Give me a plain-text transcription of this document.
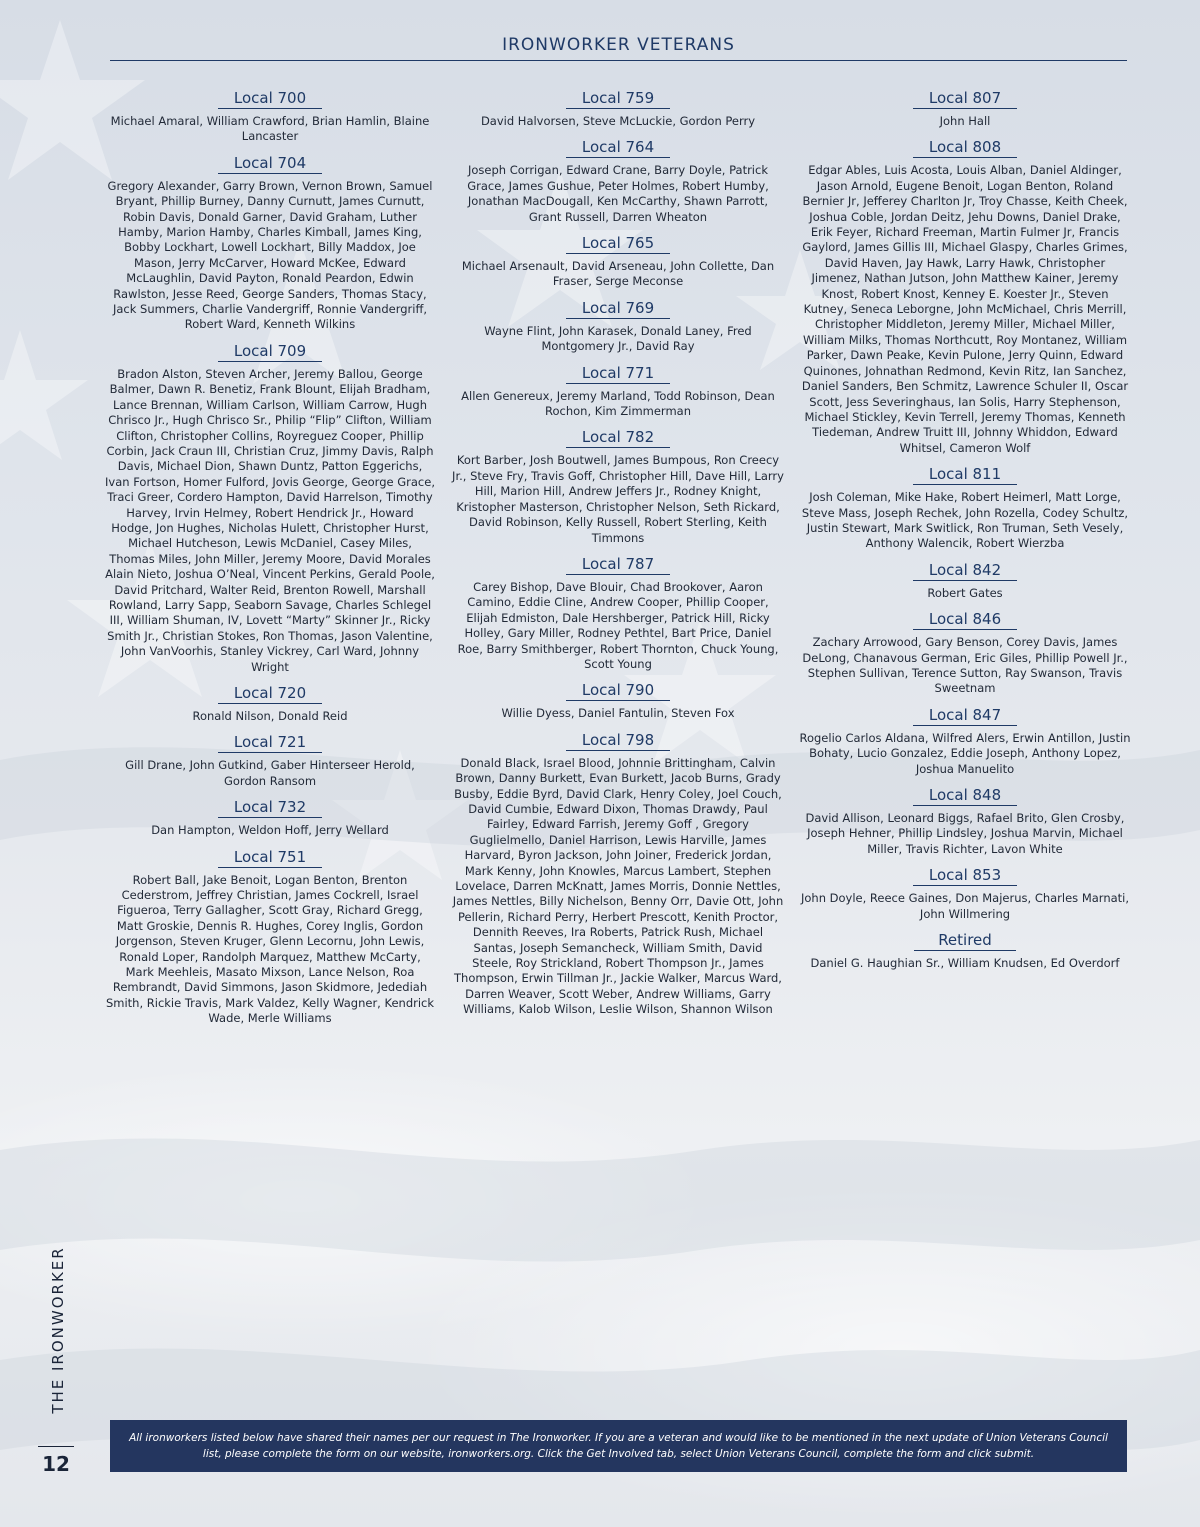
IRONWORKER VETERANS
Local 700
Michael Amaral, William Crawford, Brian Hamlin, Blaine Lancaster
Local 704
Gregory Alexander, Garry Brown, Vernon Brown, Samuel Bryant, Phillip Burney, Danny Curnutt, James Curnutt, Robin Davis, Donald Garner, David Graham, Luther Hamby, Marion Hamby, Charles Kimball, James King, Bobby Lockhart, Lowell Lockhart, Billy Maddox, Joe Mason, Jerry McCarver, Howard McKee, Edward McLaughlin, David Payton, Ronald Peardon, Edwin Rawlston, Jesse Reed, George Sanders, Thomas Stacy, Jack Summers, Charlie Vandergriff, Ronnie Vandergriff, Robert Ward, Kenneth Wilkins
Local 709
Bradon Alston, Steven Archer, Jeremy Ballou, George Balmer, Dawn R. Benetiz, Frank Blount, Elijah Bradham, Lance Brennan, William Carlson, William Carrow, Hugh Chrisco Jr., Hugh Chrisco Sr., Philip “Flip” Clifton, William Clifton, Christopher Collins, Royreguez Cooper, Phillip Corbin, Jack Craun III, Christian Cruz, Jimmy Davis, Ralph Davis, Michael Dion, Shawn Duntz, Patton Eggerichs, Ivan Fortson, Homer Fulford, Jovis George, George Grace, Traci Greer, Cordero Hampton, David Harrelson, Timothy Harvey, Irvin Helmey, Robert Hendrick Jr., Howard Hodge, Jon Hughes, Nicholas Hulett, Christopher Hurst, Michael Hutcheson, Lewis McDaniel, Casey Miles, Thomas Miles, John Miller, Jeremy Moore, David Morales Alain Nieto, Joshua O’Neal, Vincent Perkins, Gerald Poole, David Pritchard, Walter Reid, Brenton Rowell, Marshall Rowland, Larry Sapp, Seaborn Savage, Charles Schlegel III, William Shuman, IV, Lovett “Marty” Skinner Jr., Ricky Smith Jr., Christian Stokes, Ron Thomas, Jason Valentine, John VanVoorhis, Stanley Vickrey, Carl Ward, Johnny Wright
Local 720
Ronald Nilson, Donald Reid
Local 721
Gill Drane, John Gutkind, Gaber Hinterseer Herold, Gordon Ransom
Local 732
Dan Hampton, Weldon Hoff, Jerry Wellard
Local 751
Robert Ball, Jake Benoit, Logan Benton, Brenton Cederstrom, Jeffrey Christian, James Cockrell, Israel Figueroa, Terry Gallagher, Scott Gray, Richard Gregg, Matt Groskie, Dennis R. Hughes, Corey Inglis, Gordon Jorgenson, Steven Kruger, Glenn Lecornu, John Lewis, Ronald Loper, Randolph Marquez, Matthew McCarty, Mark Meehleis, Masato Mixson, Lance Nelson, Roa Rembrandt, David Simmons, Jason Skidmore, Jedediah Smith, Rickie Travis, Mark Valdez, Kelly Wagner, Kendrick Wade, Merle Williams
Local 759
David Halvorsen, Steve McLuckie, Gordon Perry
Local 764
Joseph Corrigan, Edward Crane, Barry Doyle, Patrick Grace, James Gushue, Peter Holmes, Robert Humby, Jonathan MacDougall, Ken McCarthy, Shawn Parrott, Grant Russell, Darren Wheaton
Local 765
Michael Arsenault, David Arseneau, John Collette, Dan Fraser, Serge Meconse
Local 769
Wayne Flint, John Karasek, Donald Laney, Fred Montgomery Jr., David Ray
Local 771
Allen Genereux, Jeremy Marland, Todd Robinson, Dean Rochon, Kim Zimmerman
Local 782
Kort Barber, Josh Boutwell, James Bumpous, Ron Creecy Jr., Steve Fry, Travis Goff, Christopher Hill, Dave Hill, Larry Hill, Marion Hill, Andrew Jeffers Jr., Rodney Knight, Kristopher Masterson, Christopher Nelson, Seth Rickard, David Robinson, Kelly Russell, Robert Sterling, Keith Timmons
Local 787
Carey Bishop, Dave Blouir, Chad Brookover, Aaron Camino, Eddie Cline, Andrew Cooper, Phillip Cooper, Elijah Edmiston, Dale Hershberger, Patrick Hill, Ricky Holley, Gary Miller, Rodney Pethtel, Bart Price, Daniel Roe, Barry Smithberger, Robert Thornton, Chuck Young, Scott Young
Local 790
Willie Dyess, Daniel Fantulin, Steven Fox
Local 798
Donald Black, Israel Blood, Johnnie Brittingham, Calvin Brown, Danny Burkett, Evan Burkett, Jacob Burns, Grady Busby, Eddie Byrd, David Clark, Henry Coley, Joel Couch, David Cumbie, Edward Dixon, Thomas Drawdy, Paul Fairley, Edward Farrish, Jeremy Goff , Gregory Guglielmello, Daniel Harrison, Lewis Harville, James Harvard, Byron Jackson, John Joiner, Frederick Jordan, Mark Kenny, John Knowles, Marcus Lambert, Stephen Lovelace, Darren McKnatt, James Morris, Donnie Nettles, James Nettles, Billy Nichelson, Benny Orr, Davie Ott, John Pellerin, Richard Perry, Herbert Prescott, Kenith Proctor, Dennith Reeves, Ira Roberts, Patrick Rush, Michael Santas, Joseph Semancheck, William Smith, David Steele, Roy Strickland, Robert Thompson Jr., James Thompson, Erwin Tillman Jr., Jackie Walker, Marcus Ward, Darren Weaver, Scott Weber, Andrew Williams, Garry Williams, Kalob Wilson, Leslie Wilson, Shannon Wilson
Local 807
John Hall
Local 808
Edgar Ables, Luis Acosta, Louis Alban, Daniel Aldinger, Jason Arnold, Eugene Benoit, Logan Benton, Roland Bernier Jr, Jefferey Charlton Jr, Troy Chasse, Keith Cheek, Joshua Coble, Jordan Deitz, Jehu Downs, Daniel Drake, Erik Feyer, Richard Freeman, Martin Fulmer Jr, Francis Gaylord, James Gillis III, Michael Glaspy, Charles Grimes, David Haven, Jay Hawk, Larry Hawk, Christopher Jimenez, Nathan Jutson, John Matthew Kainer, Jeremy Knost, Robert Knost, Kenney E. Koester Jr., Steven Kutney, Seneca Leborgne, John McMichael, Chris Merrill, Christopher Middleton, Jeremy Miller, Michael Miller, William Milks, Thomas Northcutt, Roy Montanez, William Parker, Dawn Peake, Kevin Pulone, Jerry Quinn, Edward Quinones, Johnathan Redmond, Kevin Ritz, Ian Sanchez, Daniel Sanders, Ben Schmitz, Lawrence Schuler II, Oscar Scott, Jess Severinghaus, Ian Solis, Harry Stephenson, Michael Stickley, Kevin Terrell, Jeremy Thomas, Kenneth Tiedeman, Andrew Truitt III, Johnny Whiddon, Edward Whitsel, Cameron Wolf
Local 811
Josh Coleman, Mike Hake, Robert Heimerl, Matt Lorge, Steve Mass, Joseph Rechek, John Rozella, Codey Schultz, Justin Stewart, Mark Switlick, Ron Truman, Seth Vesely, Anthony Walencik, Robert Wierzba
Local 842
Robert Gates
Local 846
Zachary Arrowood, Gary Benson, Corey Davis, James DeLong, Chanavous German, Eric Giles, Phillip Powell Jr., Stephen Sullivan, Terence Sutton, Ray Swanson, Travis Sweetnam
Local 847
Rogelio Carlos Aldana, Wilfred Alers, Erwin Antillon, Justin Bohaty, Lucio Gonzalez, Eddie Joseph, Anthony Lopez, Joshua Manuelito
Local 848
David Allison, Leonard Biggs, Rafael Brito, Glen Crosby, Joseph Hehner, Phillip Lindsley, Joshua Marvin, Michael Miller, Travis Richter, Lavon White
Local 853
John Doyle, Reece Gaines, Don Majerus, Charles Marnati, John Willmering
Retired
Daniel G. Haughian Sr., William Knudsen, Ed Overdorf
THE IRONWORKER
12
All ironworkers listed below have shared their names per our request in The Ironworker. If you are a veteran and would like to be mentioned in the next update of Union Veterans Council list, please complete the form on our website, ironworkers.org. Click the Get Involved tab, select Union Veterans Council, complete the form and click submit.
